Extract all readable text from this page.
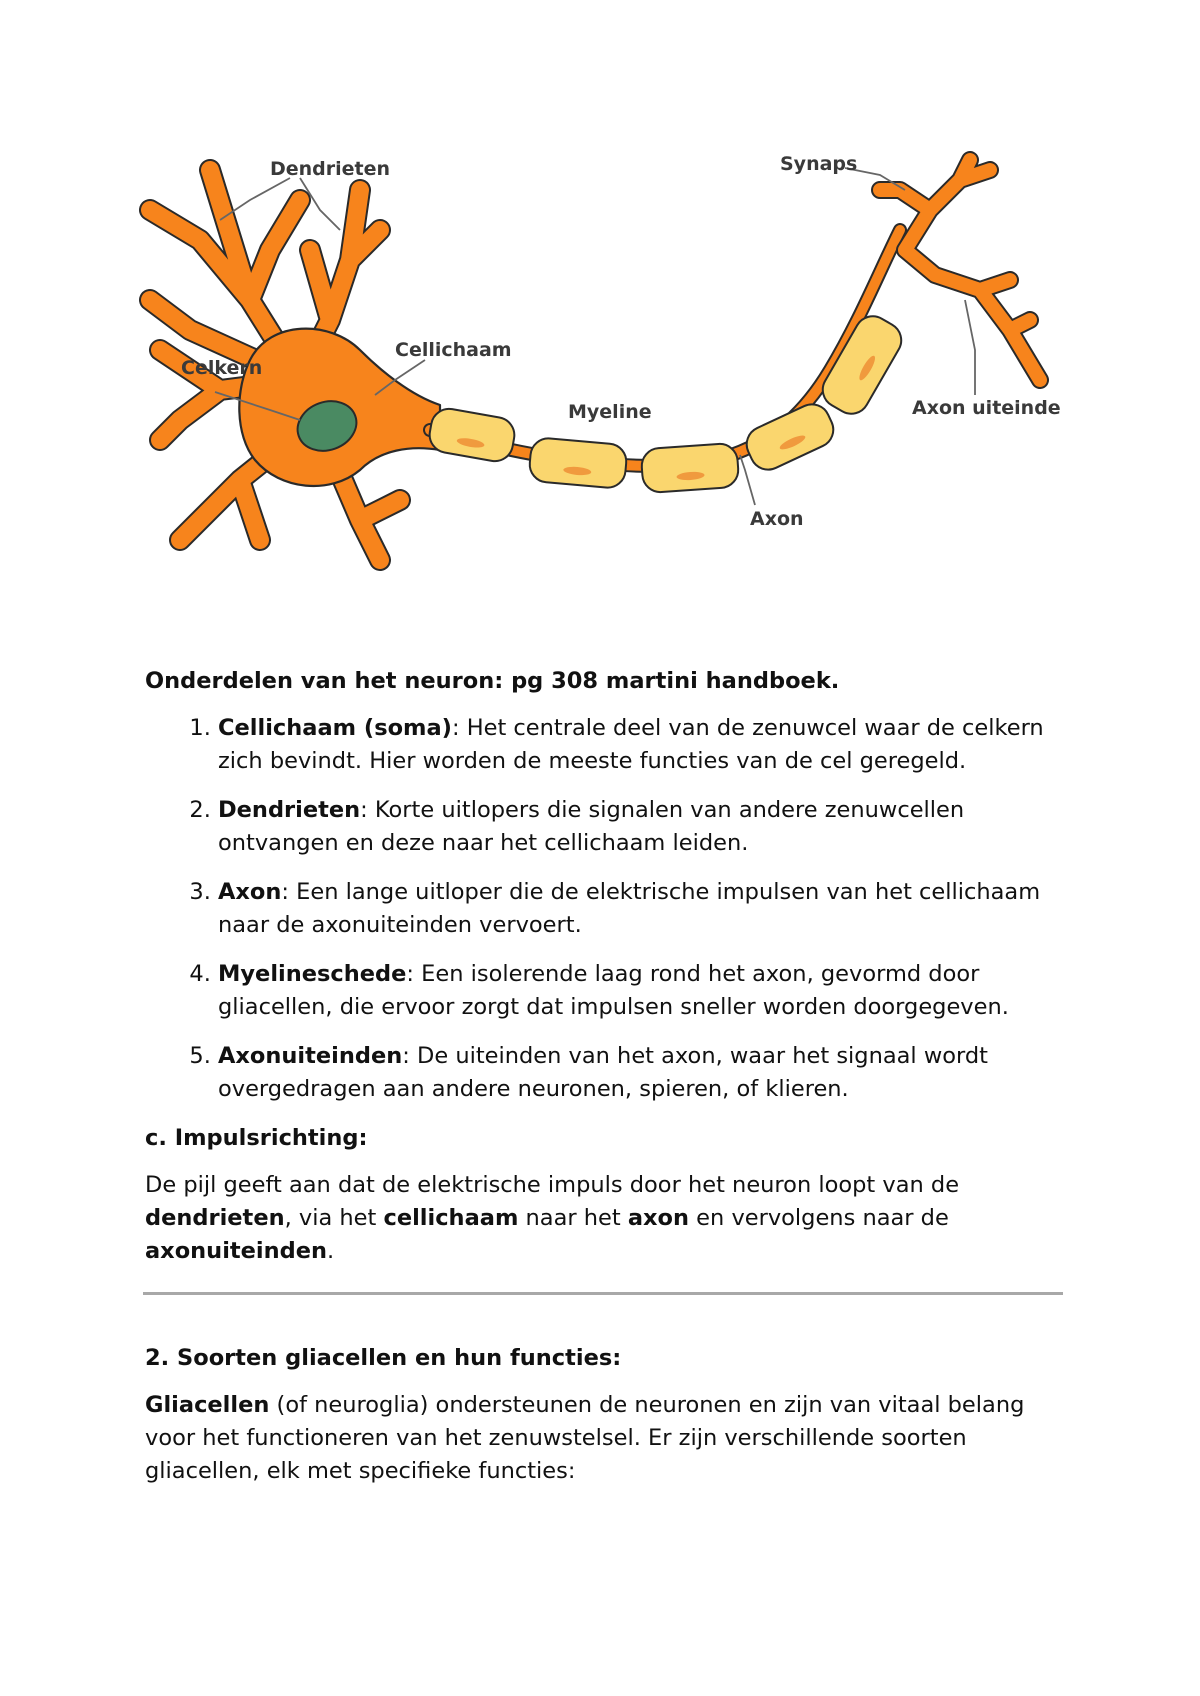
Dendrieten	Synaps
Celkern
Cellichaam
Myeline	Axon uiteinde
Axon

Onderdelen van het neuron: pg 308 martini handboek.

1. Cellichaam (soma): Het centrale deel van de zenuwcel waar de celkern zich bevindt. Hier worden de meeste functies van de cel geregeld.
2. Dendrieten: Korte uitlopers die signalen van andere zenuwcellen ontvangen en deze naar het cellichaam leiden.
3. Axon: Een lange uitloper die de elektrische impulsen van het cellichaam naar de axonuiteinden vervoert.
4. Myelineschede: Een isolerende laag rond het axon, gevormd door gliacellen, die ervoor zorgt dat impulsen sneller worden doorgegeven.
5. Axonuiteinden: De uiteinden van het axon, waar het signaal wordt overgedragen aan andere neuronen, spieren, of klieren.

c. Impulsrichting:

De pijl geeft aan dat de elektrische impuls door het neuron loopt van de dendrieten, via het cellichaam naar het axon en vervolgens naar de axonuiteinden.

2. Soorten gliacellen en hun functies:

Gliacellen (of neuroglia) ondersteunen de neuronen en zijn van vitaal belang voor het functioneren van het zenuwstelsel. Er zijn verschillende soorten gliacellen, elk met specifieke functies:
